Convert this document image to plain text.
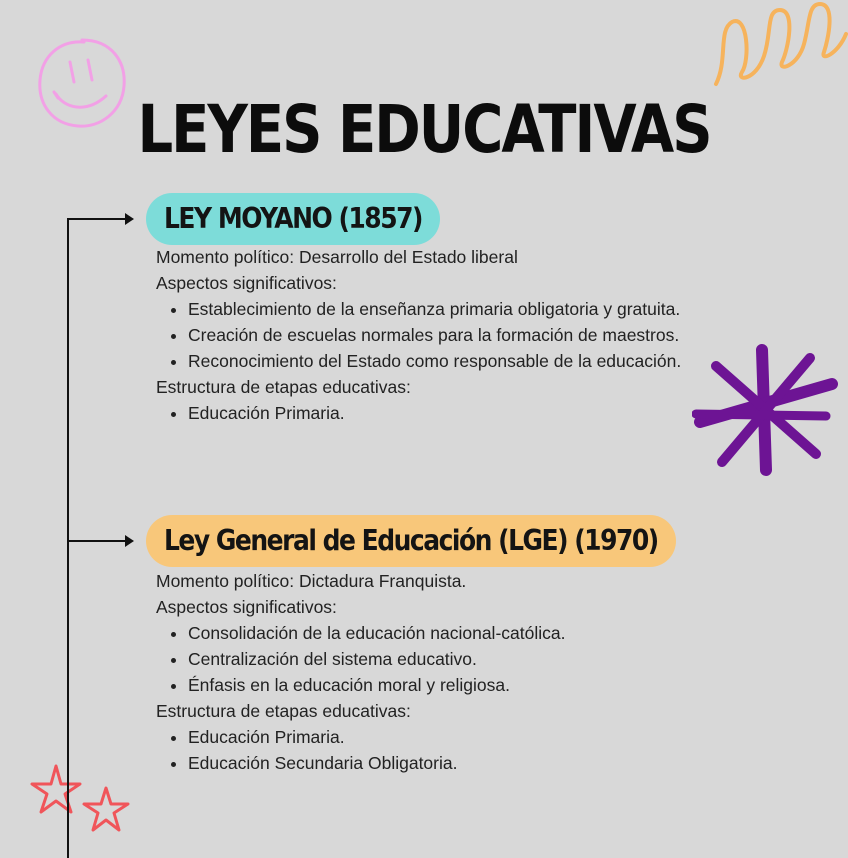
LEYES EDUCATIVAS
LEY MOYANO (1857)

Momento político: Desarrollo del Estado liberal

Aspectos significativos:

• Establecimiento de la enseñanza primaria obligatoria y gratuita.
• Creación de escuelas normales para la formación de maestros.
• Reconocimiento del Estado como responsable de la educación.

Estructura de etapas educativas:

• Educación Primaria.
Ley General de Educación (LGE) (1970)

Momento político: Dictadura Franquista.

Aspectos significativos:

• Consolidación de la educación nacional-católica.
• Centralización del sistema educativo.
• Énfasis en la educación moral y religiosa.

Estructura de etapas educativas:

• Educación Primaria.
• Educación Secundaria Obligatoria.
